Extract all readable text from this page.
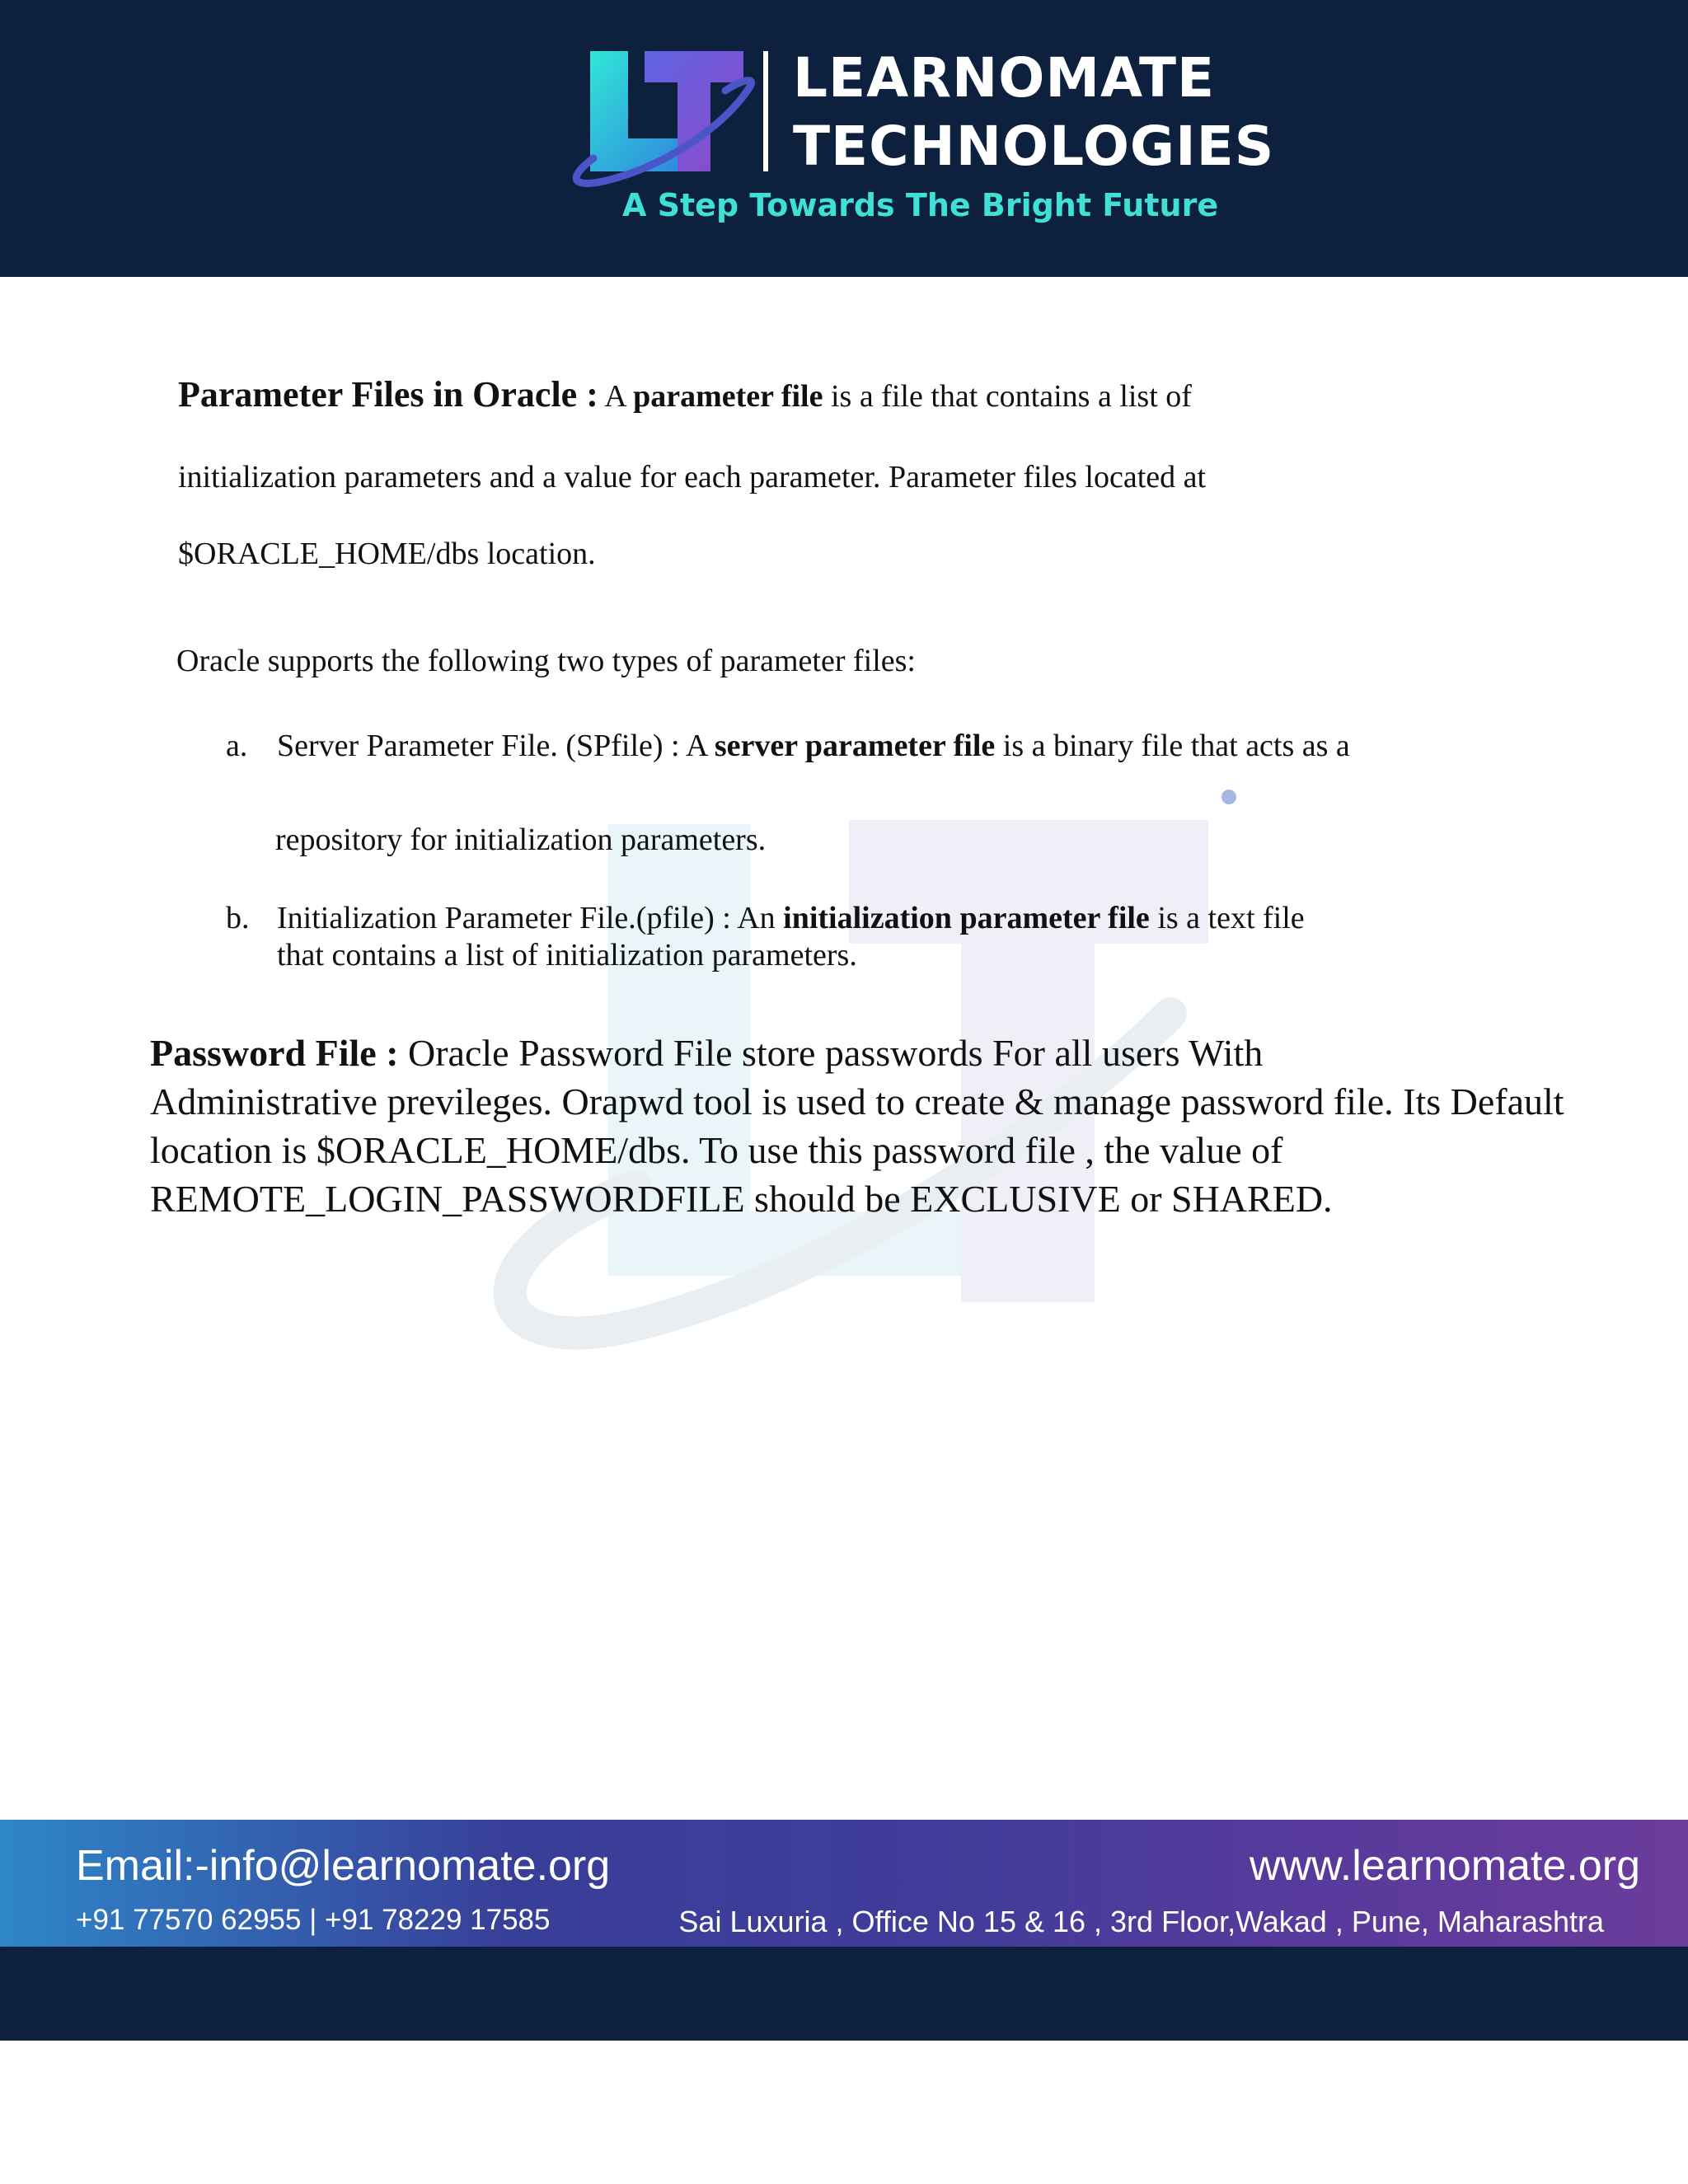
LEARNOMATE
TECHNOLOGIES
A Step Towards The Bright Future
Parameter Files in Oracle : A parameter file is a file that contains a list of
initialization parameters and a value for each parameter. Parameter files located at
$ORACLE_HOME/dbs location.
Oracle supports the following two types of parameter files:
a. Server Parameter File. (SPfile) : A server parameter file is a binary file that acts as a
repository for initialization parameters.
b. Initialization Parameter File.(pfile) : An initialization parameter file is a text file
that contains a list of initialization parameters.
Password File : Oracle Password File store passwords For all users With
Administrative previleges. Orapwd tool is used to create & manage password file. Its Default
location is $ORACLE_HOME/dbs. To use this password file , the value of
REMOTE_LOGIN_PASSWORDFILE should be EXCLUSIVE or SHARED.
Email:-info@learnomate.org
+91 77570 62955 | +91 78229 17585
www.learnomate.org
Sai Luxuria , Office No 15 & 16 , 3rd Floor,Wakad , Pune, Maharashtra
